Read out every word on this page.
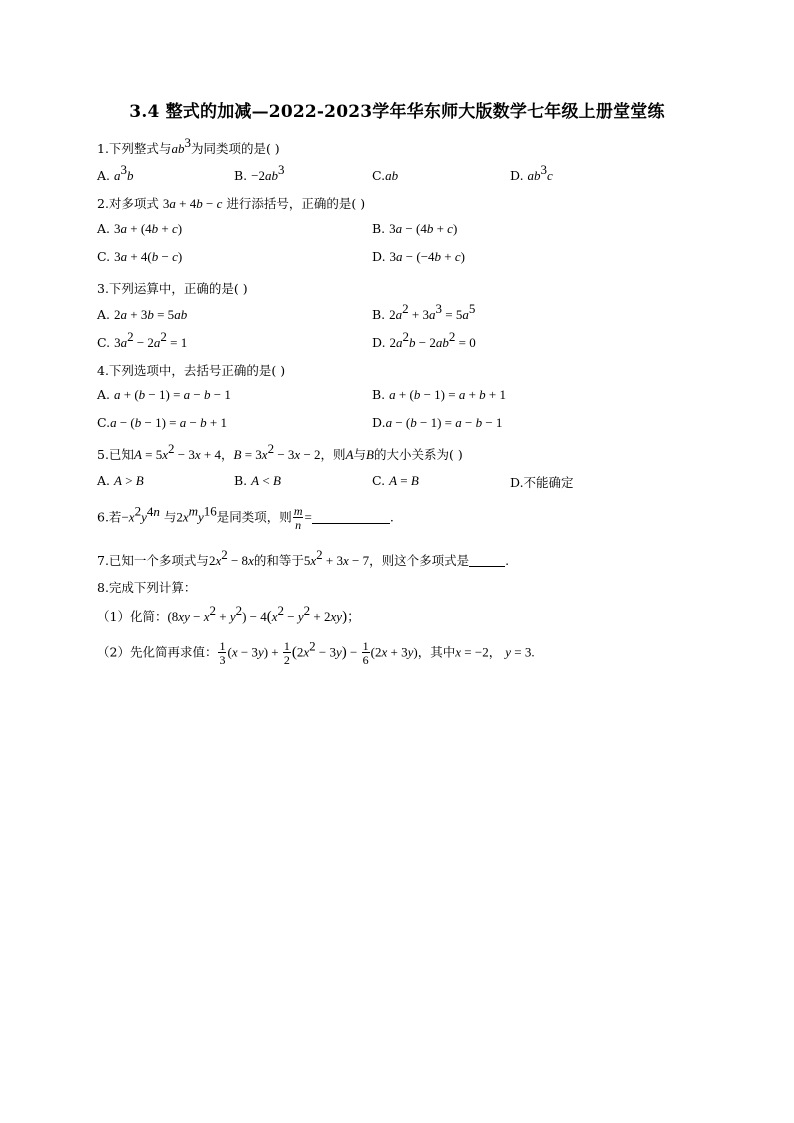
3.4 整式的加减—2022-2023学年华东师大版数学七年级上册堂堂练
1.下列整式与$ab^3$为同类项的是( )
A. $a^3b$	B. $-2ab^3$	C.ab	D. $ab^3c$
2.对多项式 3a + 4b − c 进行添括号，正确的是( )
A. 3a + (4b + c)	B. 3a − (4b + c)
C. 3a + 4(b − c)	D. 3a − (−4b + c)
3.下列运算中，正确的是( )
A. 2a + 3b = 5ab	B. $2a^2 + 3a^3 = 5a^5$
C. $3a^2 - 2a^2 = 1$	D. $2a^2b - 2ab^2 = 0$
4.下列选项中，去括号正确的是( )
A. a + (b − 1) = a − b − 1	B. a + (b − 1) = a + b + 1
C.a − (b − 1) = a − b + 1	D.a − (b − 1) = a − b − 1
5.已知$A = 5x^2 - 3x + 4$，$B = 3x^2 - 3x - 2$，则A与B的大小关系为( )
A. A > B	B. A < B	C. A = B	D.不能确定
6.若$-x^2y^{4n}$ 与$2x^my^{16}$是同类项，则 $\frac{m}{n}$ =	.
7.已知一个多项式与$2x^2 - 8x$的和等于$5x^2 + 3x - 7$，则这个多项式是	.
8.完成下列计算：
（1）化简：$(8xy - x^2 + y^2) - 4(x^2 - y^2 + 2xy)$；
（2）先化简再求值： $\frac{1}{3} (x - 3y) + \frac{1}{2} (2x^2 - 3y) - \frac{1}{6} (2x + 3y)$，其中x = −2， y = 3.
